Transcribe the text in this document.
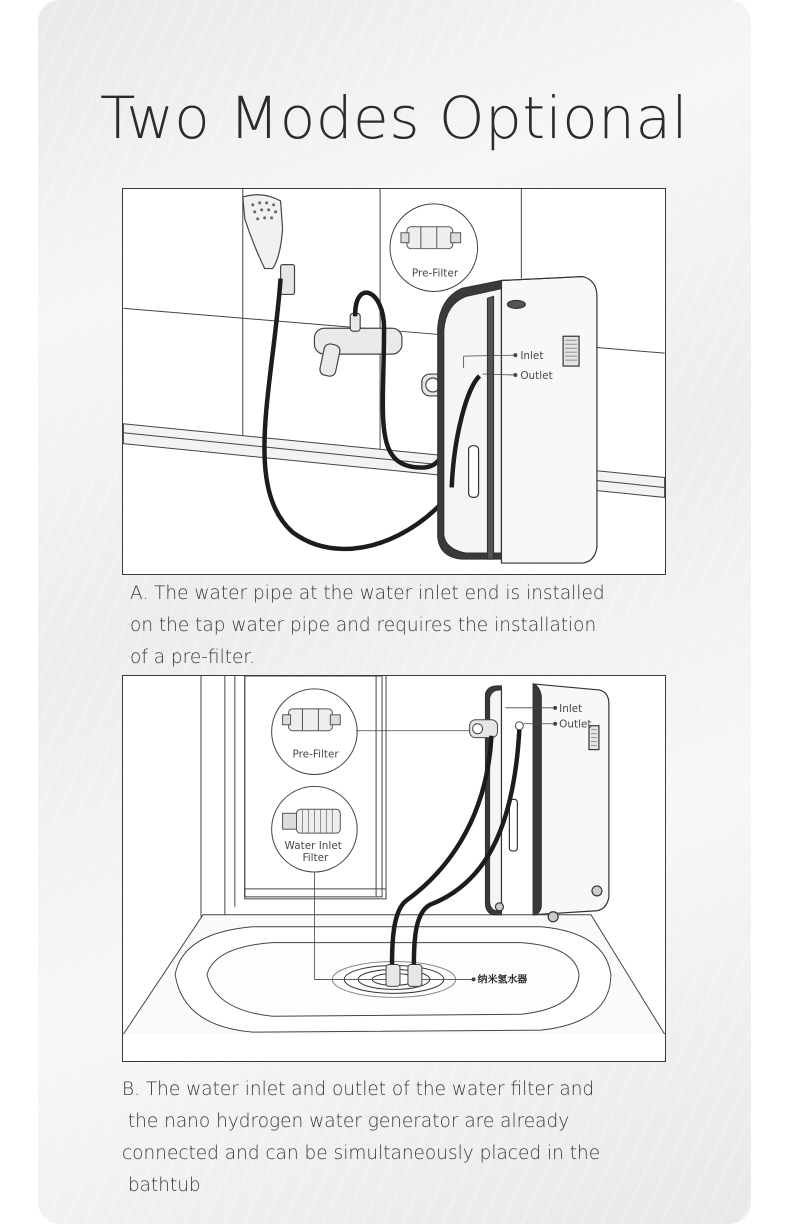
Two Modes Optional
Pre-Filter
Inlet
Outlet

A. The water pipe at the water inlet end is installed
on the tap water pipe and requires the installation
of a pre-filter.

Pre-Filter
Water Inlet
Filter
纳米氢水器
Inlet
Outlet

B. The water inlet and outlet of the water filter and
the nano hydrogen water generator are already
connected and can be simultaneously placed in the
bathtub
